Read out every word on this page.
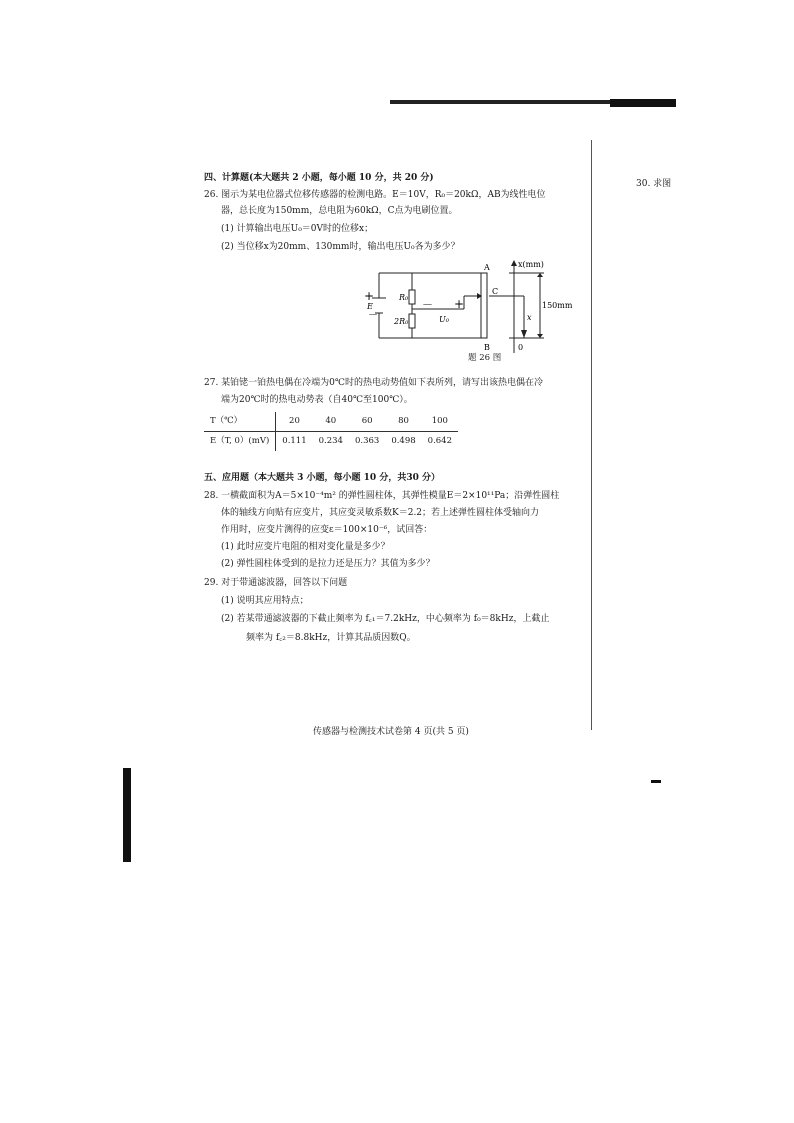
30. 求图
四、计算题(本大题共 2 小题，每小题 10 分，共 20 分)
26. 图示为某电位器式位移传感器的检测电路。E＝10V，R₀＝20kΩ，AB为线性电位
器，总长度为150mm，总电阻为60kΩ，C点为电刷位置。
(1) 计算输出电压U₀＝0V时的位移x；
(2) 当位移x为20mm、130mm时，输出电压U₀各为多少？
+
－
E
R₀
2R₀
－ +
U₀
A
B
C
0
x(mm)
150mm
x
题 26 图
27. 某铂铑一铂热电偶在冷端为0℃时的热电动势值如下表所列，请写出该热电偶在冷
端为20℃时的热电动势表（自40℃至100℃）。
T（℃）	20	40	60	80	100
E（T, 0）(mV)	0.111	0.234	0.363	0.498	0.642
五、应用题（本大题共 3 小题，每小题 10 分，共30 分）
28. 一横截面积为A＝5×10⁻⁴m² 的弹性圆柱体，其弹性模量E＝2×10¹¹Pa；沿弹性圆柱
体的轴线方向贴有应变片，其应变灵敏系数K＝2.2；若上述弹性圆柱体受轴向力
作用时，应变片测得的应变ε＝100×10⁻⁶，试回答：
(1) 此时应变片电阻的相对变化量是多少？
(2) 弹性圆柱体受到的是拉力还是压力？其值为多少？
29. 对于带通滤波器，回答以下问题
(1) 说明其应用特点；
(2) 若某带通滤波器的下截止频率为 f꜀₁＝7.2kHz，中心频率为 f₀＝8kHz，上截止
频率为 f꜀₂＝8.8kHz，计算其品质因数Q。
传感器与检测技术试卷第 4 页(共 5 页)
